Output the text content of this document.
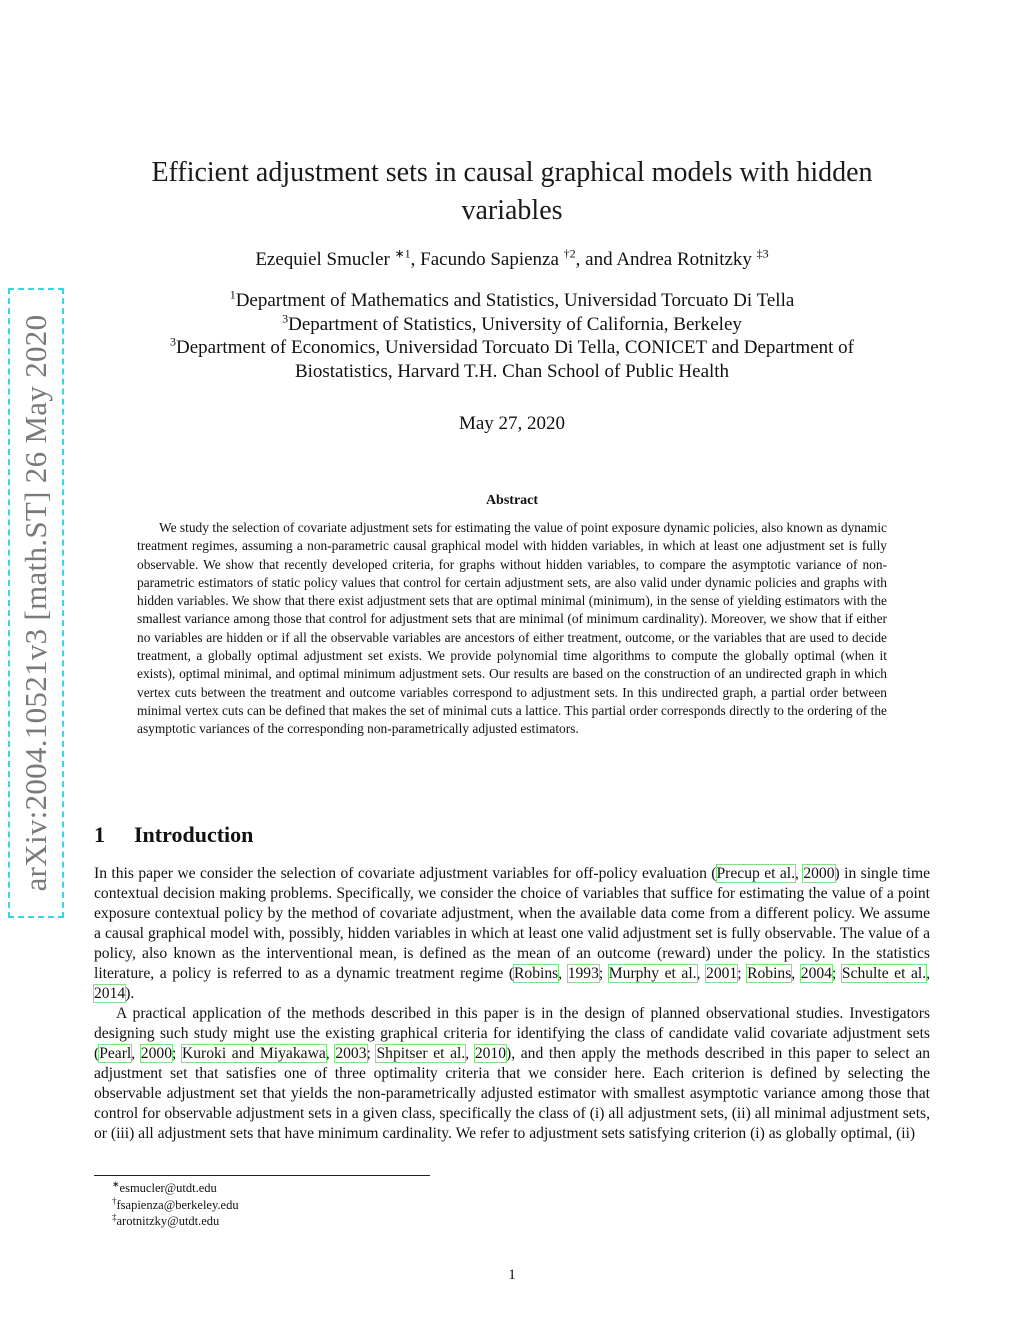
arXiv:2004.10521v3 [math.ST] 26 May 2020
Efficient adjustment sets in causal graphical models with hidden
variables
Ezequiel Smucler $^{∗1}$, Facundo Sapienza $^{\dagger 2}$, and Andrea Rotnitzky $^{\ddagger 3}$
$^1$Department of Mathematics and Statistics, Universidad Torcuato Di Tella
$^3$Department of Statistics, University of California, Berkeley
$^3$Department of Economics, Universidad Torcuato Di Tella, CONICET and Department of
Biostatistics, Harvard T.H. Chan School of Public Health
May 27, 2020
Abstract
We study the selection of covariate adjustment sets for estimating the value of point exposure dynamic policies, also known as dynamic treatment regimes, assuming a non-parametric causal graphical model with hidden variables, in which at least one adjustment set is fully observable. We show that recently developed criteria, for graphs without hidden variables, to compare the asymptotic variance of non-parametric estimators of static policy values that control for certain adjustment sets, are also valid under dynamic policies and graphs with hidden variables. We show that there exist adjustment sets that are optimal minimal (minimum), in the sense of yielding estimators with the smallest variance among those that control for adjustment sets that are minimal (of minimum cardinality). Moreover, we show that if either no variables are hidden or if all the observable variables are ancestors of either treatment, outcome, or the variables that are used to decide treatment, a globally optimal adjustment set exists. We provide polynomial time algorithms to compute the globally optimal (when it exists), optimal minimal, and optimal minimum adjustment sets. Our results are based on the construction of an undirected graph in which vertex cuts between the treatment and outcome variables correspond to adjustment sets. In this undirected graph, a partial order between minimal vertex cuts can be defined that makes the set of minimal cuts a lattice. This partial order corresponds directly to the ordering of the asymptotic variances of the corresponding non-parametrically adjusted estimators.
1 Introduction

In this paper we consider the selection of covariate adjustment variables for off-policy evaluation (Precup et al., 2000) in single time contextual decision making problems. Specifically, we consider the choice of variables that suffice for estimating the value of a point exposure contextual policy by the method of covariate adjustment, when the available data come from a different policy. We assume a causal graphical model with, possibly, hidden variables in which at least one valid adjustment set is fully observable. The value of a policy, also known as the interventional mean, is defined as the mean of an outcome (reward) under the policy. In the statistics literature, a policy is referred to as a dynamic treatment regime (Robins, 1993; Murphy et al., 2001; Robins, 2004; Schulte et al., 2014).

A practical application of the methods described in this paper is in the design of planned observational studies. Investigators designing such study might use the existing graphical criteria for identifying the class of candidate valid covariate adjustment sets (Pearl, 2000; Kuroki and Miyakawa, 2003; Shpitser et al., 2010), and then apply the methods described in this paper to select an adjustment set that satisfies one of three optimality criteria that we consider here. Each criterion is defined by selecting the observable adjustment set that yields the non-parametrically adjusted estimator with smallest asymptotic variance among those that control for observable adjustment sets in a given class, specifically the class of (i) all adjustment sets, (ii) all minimal adjustment sets, or (iii) all adjustment sets that have minimum cardinality. We refer to adjustment sets satisfying criterion (i) as globally optimal, (ii)

∗esmucler@utdt.edu
†fsapienza@berkeley.edu
‡arotnitzky@utdt.edu
1
